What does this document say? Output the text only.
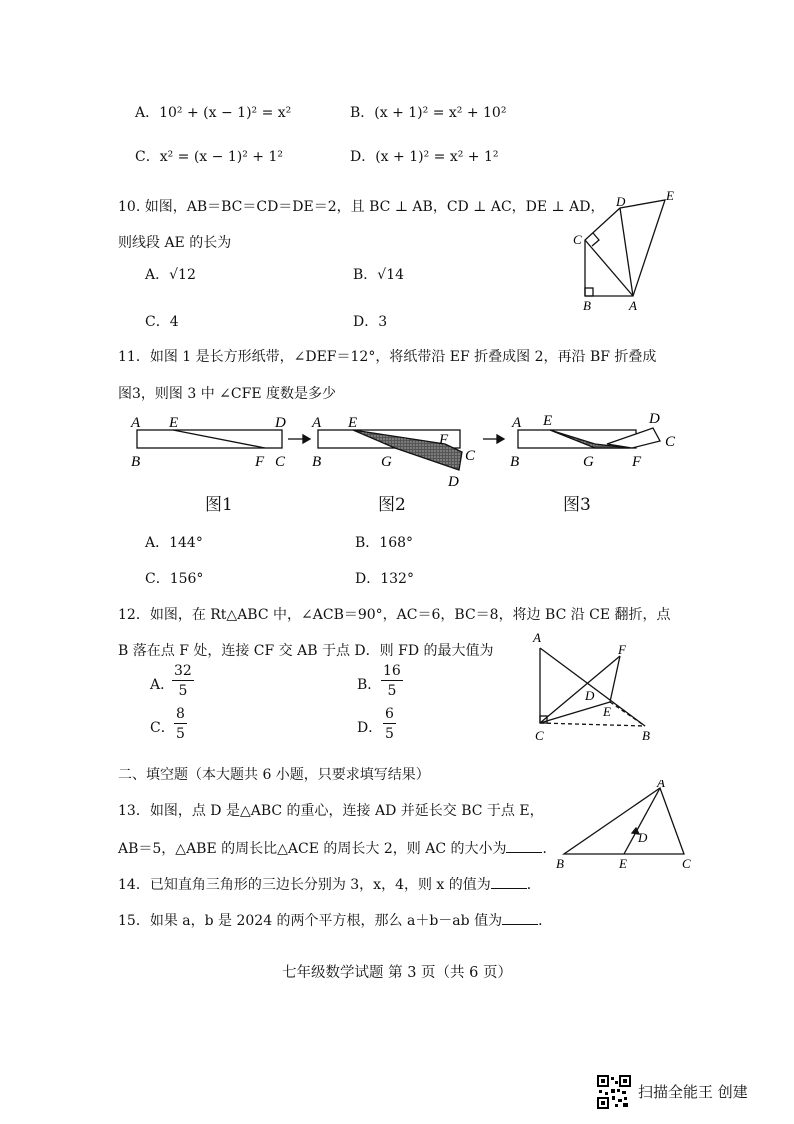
A．10² + (x − 1)² = x²	B．(x + 1)² = x² + 10²
C．x² = (x − 1)² + 1²	D．(x + 1)² = x² + 1²
10. 如图，AB＝BC＝CD＝DE＝2，且 BC ⊥ AB，CD ⊥ AC，DE ⊥ AD，
则线段 AE 的长为
A．√12	B．√14
C．4	D．3
D	E
C
B	A
11．如图 1 是长方形纸带，∠DEF＝12°，将纸带沿 EF 折叠成图 2，再沿 BF 折叠成
图3，则图 3 中 ∠CFE 度数是多少
A E	D
B	F C
A E
F
C
B	G
D
A E	D
C
B	G	F
图1	图2	图3
A．144°	B．168°
C．156°	D．132°
12．如图，在 Rt△ABC 中，∠ACB＝90°，AC＝6，BC＝8，将边 BC 沿 CE 翻折，点
B 落在点 F 处，连接 CF 交 AB 于点 D．则 FD 的最大值为
A．
$\frac{32}{5}$	B． $\frac{16}{5}$
C． $\frac{8}{5}$	D． $\frac{6}{5}$
A
F
D
E
C	B
二、填空题（本大题共 6 小题，只要求填写结果）
13．如图，点 D 是△ABC 的重心，连接 AD 并延长交 BC 于点 E，
AB＝5，△ABE 的周长比△ACE 的周长大 2，则 AC 的大小为	．
A
D
B	E	C
14．已知直角三角形的三边长分别为 3，x，4，则 x 的值为	．
15．如果 a，b 是 2024 的两个平方根，那么 a＋b－ab 值为	．
七年级数学试题 第 3 页（共 6 页）
扫描全能王 创建
